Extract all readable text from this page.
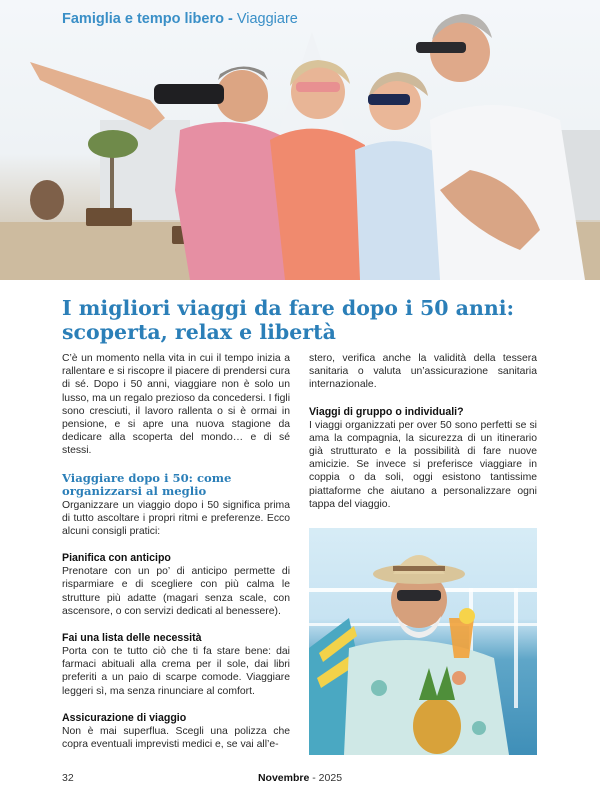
Famiglia e tempo libero - Viaggiare
I migliori viaggi da fare dopo i 50 anni:
scoperta, relax e libertà

C’è un momento nella vita in cui il tempo inizia a rallentare e si riscopre il piacere di prendersi cura di sé. Dopo i 50 anni, viaggiare non è solo un lusso, ma un regalo prezioso da concedersi. I figli sono cresciuti, il lavoro rallenta o si è ormai in pensione, e si apre una nuova stagione da dedicare alla scoperta del mondo… e di sé stessi.

Viaggiare dopo i 50: come organizzarsi al meglio

Organizzare un viaggio dopo i 50 significa prima di tutto ascoltare i propri ritmi e preferenze. Ecco alcuni consigli pratici:

Pianifica con anticipo

Prenotare con un po’ di anticipo permette di risparmiare e di scegliere con più calma le strutture più adatte (magari senza scale, con ascensore, o con servizi dedicati al benessere).

Fai una lista delle necessità

Porta con te tutto ciò che ti fa stare bene: dai farmaci abituali alla crema per il sole, dai libri preferiti a un paio di scarpe comode. Viaggiare leggeri sì, ma senza rinunciare al comfort.

Assicurazione di viaggio

Non è mai superflua. Scegli una polizza che copra eventuali imprevisti medici e, se vai all’e-

stero, verifica anche la validità della tessera sanitaria o valuta un’assicurazione sanitaria internazionale.

Viaggi di gruppo o individuali?

I viaggi organizzati per over 50 sono perfetti se si ama la compagnia, la sicurezza di un itinerario già strutturato e la possibilità di fare nuove amicizie. Se invece si preferisce viaggiare in coppia o da soli, oggi esistono tantissime piattaforme che aiutano a personalizzare ogni tappa del viaggio.

32	Novembre - 2025
